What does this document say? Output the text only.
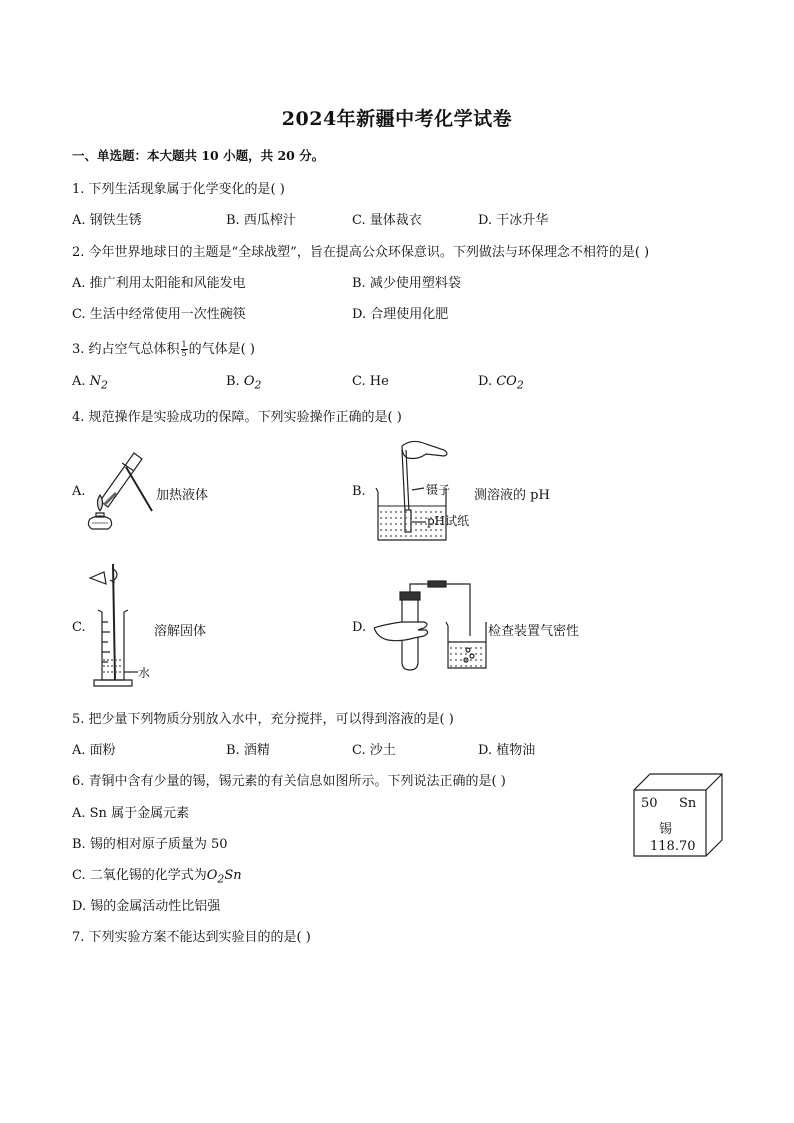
2024年新疆中考化学试卷
一、单选题：本大题共 10 小题，共 20 分。
1. 下列生活现象属于化学变化的是( )
A. 钢铁生锈	B. 西瓜榨汁	C. 量体裁衣	D. 干冰升华
2. 今年世界地球日的主题是“全球战塑”，旨在提高公众环保意识。下列做法与环保理念不相符的是( )
A. 推广利用太阳能和风能发电	B. 减少使用塑料袋
C. 生活中经常使用一次性碗筷	D. 合理使用化肥
3. 约占空气总体积 $\frac{1}{5}$ 的气体是( )
A. $N_2$	B. $O_2$	C. He	D. $CO_2$
4. 规范操作是实验成功的保障。下列实验操作正确的是( )
A.	加热液体	B.	镊子
pH试纸
测溶液的 pH
C.
水
溶解固体	D.	检查装置气密性
5. 把少量下列物质分别放入水中，充分搅拌，可以得到溶液的是( )
A. 面粉	B. 酒精	C. 沙土	D. 植物油
6. 青铜中含有少量的锡，锡元素的有关信息如图所示。下列说法正确的是( )
A. Sn 属于金属元素
B. 锡的相对原子质量为 50
C. 二氧化锡的化学式为$O_2Sn$
D. 锡的金属活动性比铝强
50 Sn
锡
118.70
7. 下列实验方案不能达到实验目的的是( )
